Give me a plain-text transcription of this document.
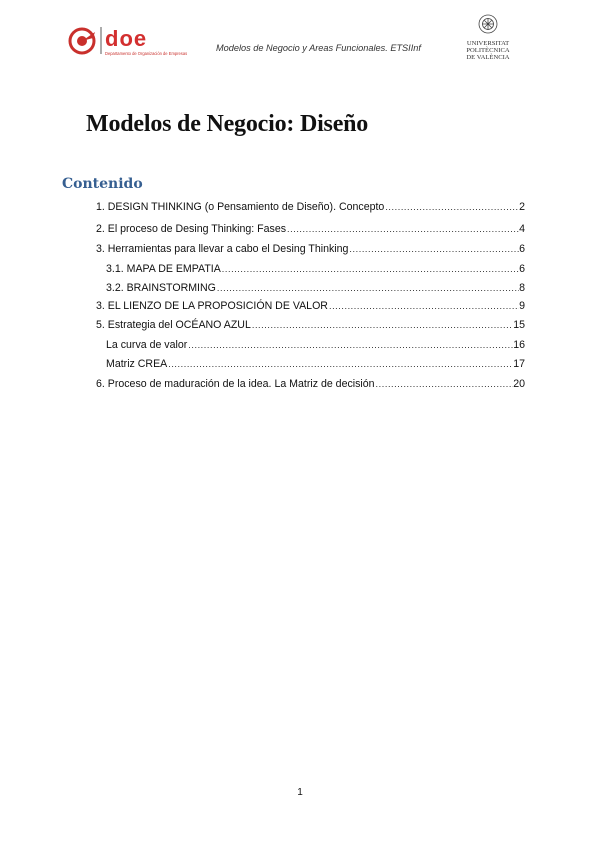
doe
Departamento de Organización de Empresas
Modelos de Negocio y Areas Funcionales. ETSIInf	UNIVERSITAT
POLITÈCNICA
DE VALÈNCIA
Modelos de Negocio: Diseño
Contenido
1. DESIGN THINKING (o Pensamiento de Diseño). Concepto .....	2
2. El proceso de Desing Thinking: Fases .....	4
3. Herramientas para llevar a cabo el Desing Thinking .....	6
3.1. MAPA DE EMPATIA .....	6
3.2. BRAINSTORMING .....	8
3. EL LIENZO DE LA PROPOSICIÓN DE VALOR .....	9
5. Estrategia del OCÉANO AZUL .....	15
La curva de valor .....	16
Matriz CREA .....	17
6. Proceso de maduración de la idea. La Matriz de decisión .....	20
1
